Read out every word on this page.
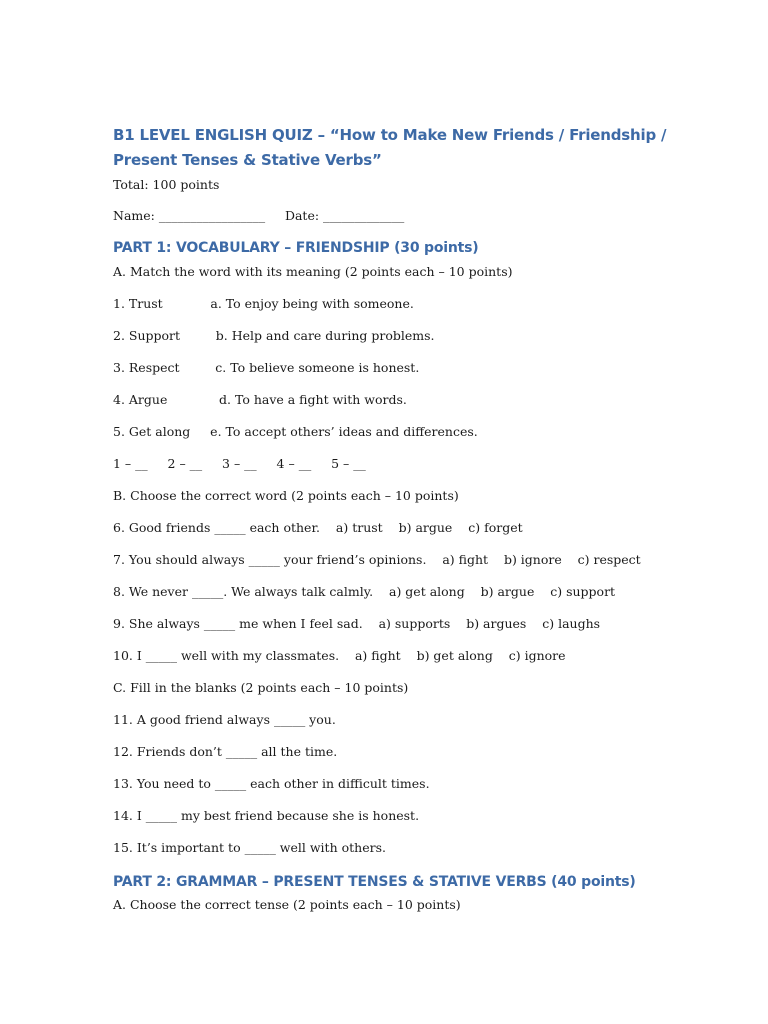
B1 LEVEL ENGLISH QUIZ – “How to Make New Friends / Friendship /
Present Tenses & Stative Verbs”
Total: 100 points
Name: _________________     Date: _____________
PART 1: VOCABULARY – FRIENDSHIP (30 points)
A. Match the word with its meaning (2 points each – 10 points)
1. Trust            a. To enjoy being with someone.
2. Support         b. Help and care during problems.
3. Respect         c. To believe someone is honest.
4. Argue             d. To have a fight with words.
5. Get along     e. To accept others’ ideas and differences.
1 – __     2 – __     3 – __     4 – __     5 – __
B. Choose the correct word (2 points each – 10 points)
6. Good friends _____ each other.    a) trust    b) argue    c) forget
7. You should always _____ your friend’s opinions.    a) fight    b) ignore    c) respect
8. We never _____. We always talk calmly.    a) get along    b) argue    c) support
9. She always _____ me when I feel sad.    a) supports    b) argues    c) laughs
10. I _____ well with my classmates.    a) fight    b) get along    c) ignore
C. Fill in the blanks (2 points each – 10 points)
11. A good friend always _____ you.
12. Friends don’t _____ all the time.
13. You need to _____ each other in difficult times.
14. I _____ my best friend because she is honest.
15. It’s important to _____ well with others.
PART 2: GRAMMAR – PRESENT TENSES & STATIVE VERBS (40 points)
A. Choose the correct tense (2 points each – 10 points)
